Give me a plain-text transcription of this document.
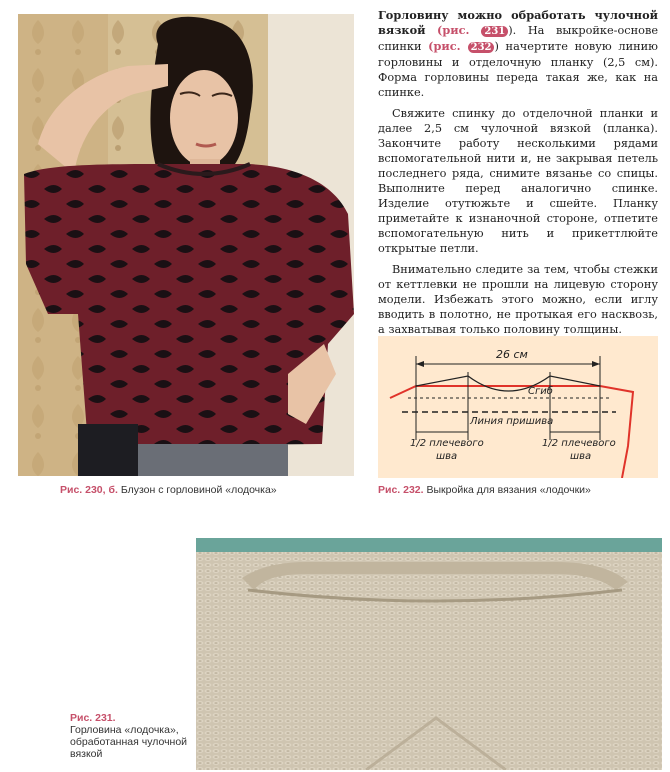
Рис. 230, б. Блузон с горловиной «лодочка»

Горловину можно обработать чулочной вязкой (рис. 231 ). На выкройке-основе спинки (рис. 232 ) начертите новую линию горловины и отделочную планку (2,5 см). Форма горловины переда такая же, как на спинке.

Свяжите спинку до отделочной планки и далее 2,5 см чулочной вязкой (планка). Закончите работу несколькими рядами вспомогательной нити и, не закрывая петель последнего ряда, снимите вязанье со спицы. Выполните перед аналогично спинке. Изделие отутюжьте и сшейте. Планку приметайте к изнаночной стороне, отпетите вспомогательную нить и прикеттлюйте открытые петли.

Внимательно следите за тем, чтобы стежки от кеттлевки не прошли на лицевую сторону модели. Избежать этого можно, если иглу вводить в полотно, не протыкая его насквозь, а захватывая только половину толщины.

26 см
Сгиб
Линия пришива
1/2 плечевого
шва
1/2 плечевого
шва
Рис. 232. Выкройка для вязания «лодочки»
Рис. 231.
Горловина «лодочка», обработанная чулочной вязкой
